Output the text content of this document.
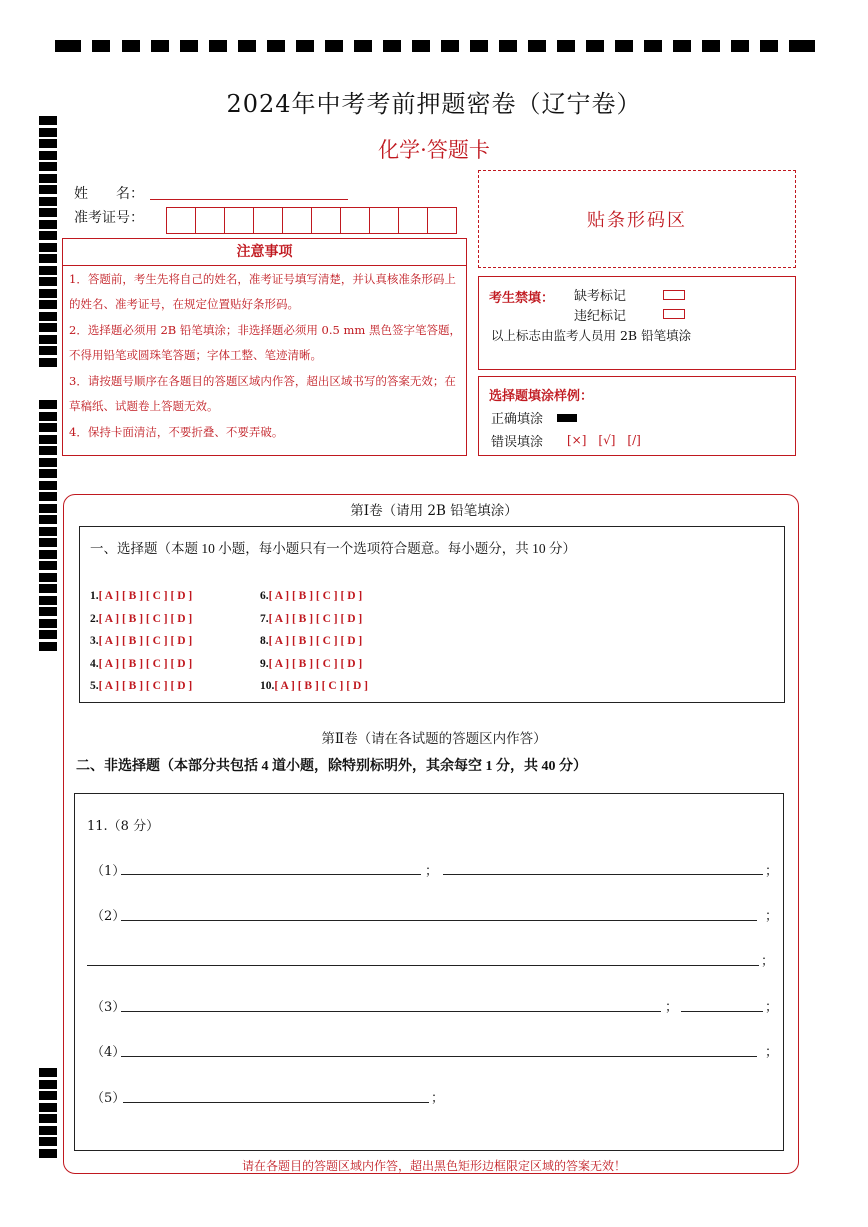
2024年中考考前押题密卷（辽宁卷）
化学·答题卡
姓　　名：
准考证号：	贴条形码区
注意事项
1．答题前，考生先将自己的姓名，准考证号填写清楚，并认真核准条形码上的姓名、准考证号，在规定位置贴好条形码。
2．选择题必须用 2B 铅笔填涂；非选择题必须用 0.5 mm 黑色签字笔答题，不得用铅笔或圆珠笔答题；字体工整、笔迹清晰。
3．请按题号顺序在各题目的答题区域内作答，超出区域书写的答案无效；在草稿纸、试题卷上答题无效。
4．保持卡面清洁，不要折叠、不要弄破。
考生禁填： 缺考标记
违纪标记
以上标志由监考人员用 2B 铅笔填涂
选择题填涂样例：
正确填涂
错误填涂 [×]　[√]　[/]
第Ⅰ卷（请用 2B 铅笔填涂）
一、选择题（本题 10 小题，每小题只有一个选项符合题意。每小题分，共 10 分）
1.[ A ] [ B ] [ C ] [ D ]
2.[ A ] [ B ] [ C ] [ D ]
3.[ A ] [ B ] [ C ] [ D ]
4.[ A ] [ B ] [ C ] [ D ]
5.[ A ] [ B ] [ C ] [ D ]
6.[ A ] [ B ] [ C ] [ D ]
7.[ A ] [ B ] [ C ] [ D ]
8.[ A ] [ B ] [ C ] [ D ]
9.[ A ] [ B ] [ C ] [ D ]
10.[ A ] [ B ] [ C ] [ D ]
第Ⅱ卷（请在各试题的答题区内作答）
二、非选择题（本部分共包括 4 道小题，除特别标明外，其余每空 1 分，共 40 分）
11.（8 分）
（1）	；	；
（2）	；
；
（3）	；	；
（4）	；
（5）	；
请在各题目的答题区域内作答，超出黑色矩形边框限定区域的答案无效！
